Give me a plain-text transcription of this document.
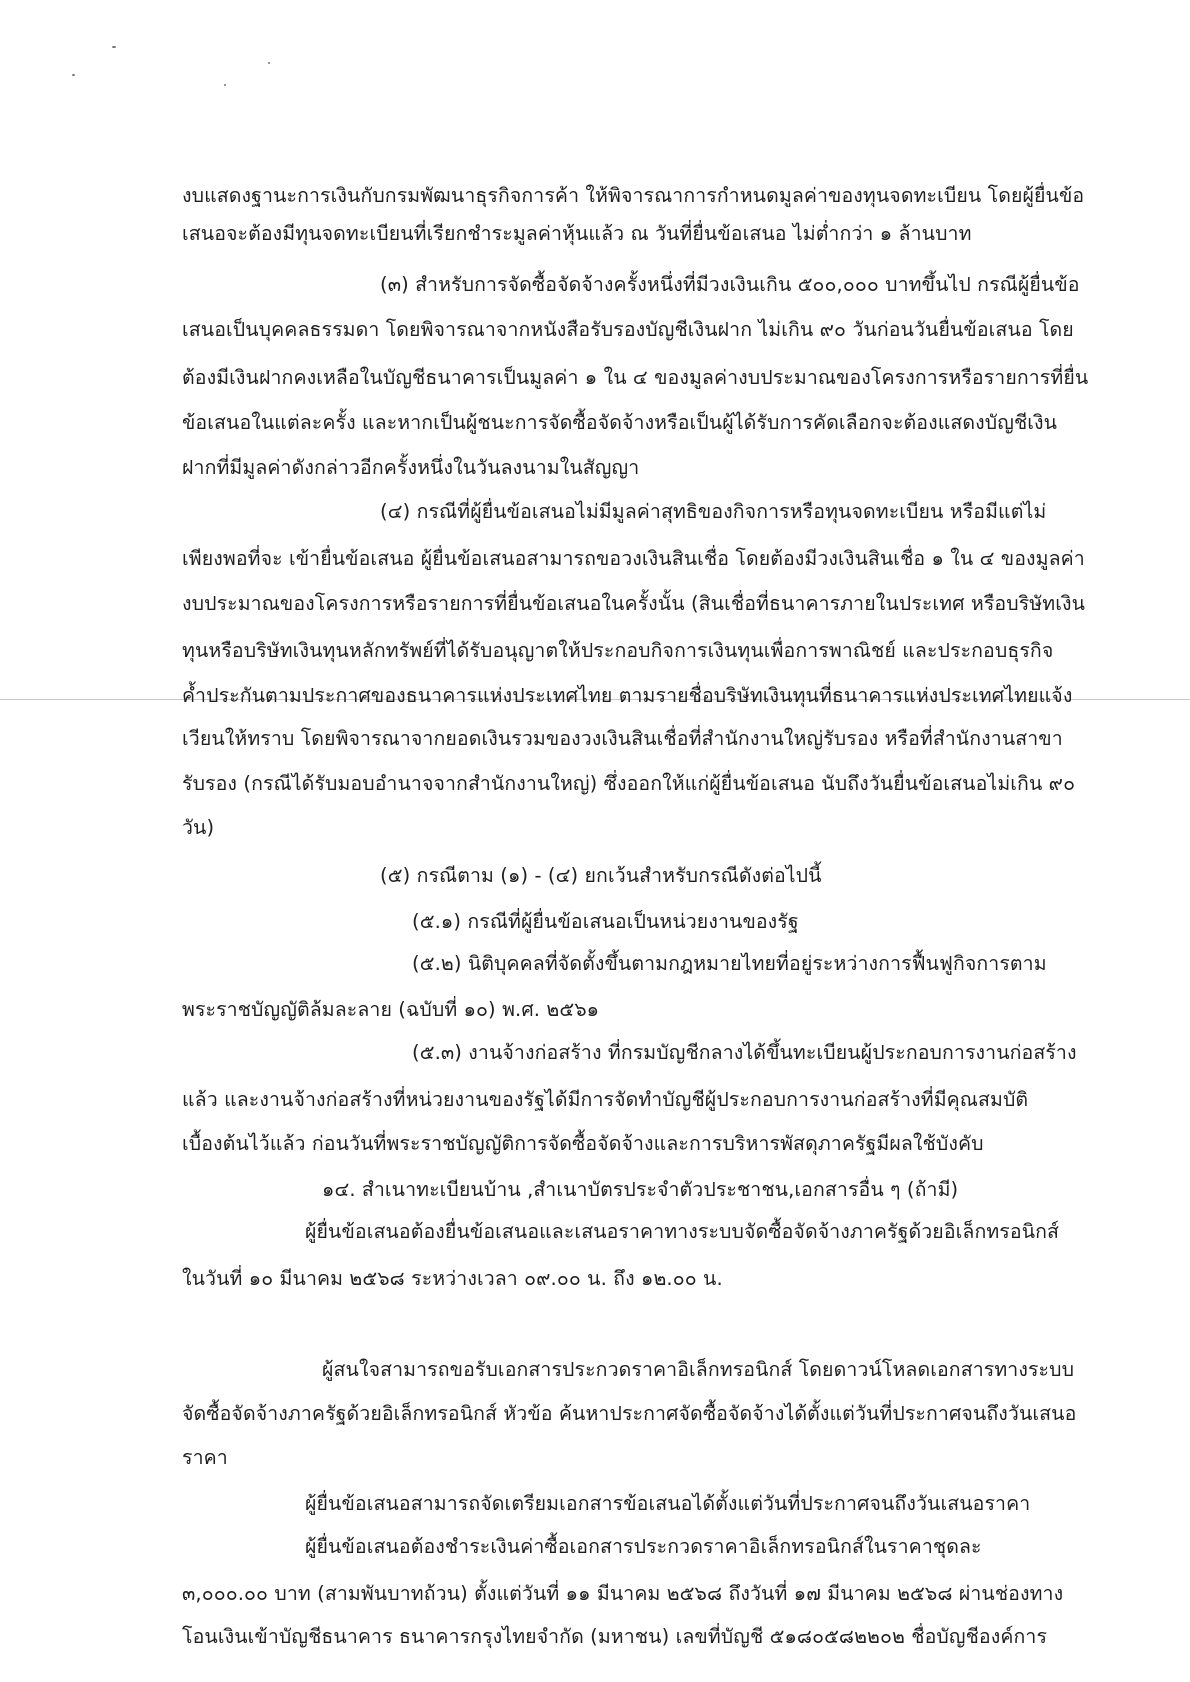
งบแสดงฐานะการเงินกับกรมพัฒนาธุรกิจการค้า ให้พิจารณาการกำหนดมูลค่าของทุนจดทะเบียน โดยผู้ยื่นข้อ
เสนอจะต้องมีทุนจดทะเบียนที่เรียกชำระมูลค่าหุ้นแล้ว ณ วันที่ยื่นข้อเสนอ ไม่ต่ำกว่า ๑ ล้านบาท
(๓) สำหรับการจัดซื้อจัดจ้างครั้งหนึ่งที่มีวงเงินเกิน ๕๐๐,๐๐๐ บาทขึ้นไป กรณีผู้ยื่นข้อ
เสนอเป็นบุคคลธรรมดา โดยพิจารณาจากหนังสือรับรองบัญชีเงินฝาก ไม่เกิน ๙๐ วันก่อนวันยื่นข้อเสนอ โดย
ต้องมีเงินฝากคงเหลือในบัญชีธนาคารเป็นมูลค่า ๑ ใน ๔ ของมูลค่างบประมาณของโครงการหรือรายการที่ยื่น
ข้อเสนอในแต่ละครั้ง และหากเป็นผู้ชนะการจัดซื้อจัดจ้างหรือเป็นผู้ได้รับการคัดเลือกจะต้องแสดงบัญชีเงิน
ฝากที่มีมูลค่าดังกล่าวอีกครั้งหนึ่งในวันลงนามในสัญญา
(๔) กรณีที่ผู้ยื่นข้อเสนอไม่มีมูลค่าสุทธิของกิจการหรือทุนจดทะเบียน หรือมีแต่ไม่
เพียงพอที่จะ เข้ายื่นข้อเสนอ ผู้ยื่นข้อเสนอสามารถขอวงเงินสินเชื่อ โดยต้องมีวงเงินสินเชื่อ ๑ ใน ๔ ของมูลค่า
งบประมาณของโครงการหรือรายการที่ยื่นข้อเสนอในครั้งนั้น (สินเชื่อที่ธนาคารภายในประเทศ หรือบริษัทเงิน
ทุนหรือบริษัทเงินทุนหลักทรัพย์ที่ได้รับอนุญาตให้ประกอบกิจการเงินทุนเพื่อการพาณิชย์ และประกอบธุรกิจ
ค้ำประกันตามประกาศของธนาคารแห่งประเทศไทย ตามรายชื่อบริษัทเงินทุนที่ธนาคารแห่งประเทศไทยแจ้ง
เวียนให้ทราบ โดยพิจารณาจากยอดเงินรวมของวงเงินสินเชื่อที่สำนักงานใหญ่รับรอง หรือที่สำนักงานสาขา
รับรอง (กรณีได้รับมอบอำนาจจากสำนักงานใหญ่) ซึ่งออกให้แก่ผู้ยื่นข้อเสนอ นับถึงวันยื่นข้อเสนอไม่เกิน ๙๐
วัน)
(๕) กรณีตาม (๑) - (๔) ยกเว้นสำหรับกรณีดังต่อไปนี้
(๕.๑) กรณีที่ผู้ยื่นข้อเสนอเป็นหน่วยงานของรัฐ
(๕.๒) นิติบุคคลที่จัดตั้งขึ้นตามกฎหมายไทยที่อยู่ระหว่างการฟื้นฟูกิจการตาม
พระราชบัญญัติล้มละลาย (ฉบับที่ ๑๐) พ.ศ. ๒๕๖๑
(๕.๓) งานจ้างก่อสร้าง ที่กรมบัญชีกลางได้ขึ้นทะเบียนผู้ประกอบการงานก่อสร้าง
แล้ว และงานจ้างก่อสร้างที่หน่วยงานของรัฐได้มีการจัดทำบัญชีผู้ประกอบการงานก่อสร้างที่มีคุณสมบัติ
เบื้องต้นไว้แล้ว ก่อนวันที่พระราชบัญญัติการจัดซื้อจัดจ้างและการบริหารพัสดุภาครัฐมีผลใช้บังคับ
๑๔. สำเนาทะเบียนบ้าน ,สำเนาบัตรประจำตัวประชาชน,เอกสารอื่น ๆ (ถ้ามี)
ผู้ยื่นข้อเสนอต้องยื่นข้อเสนอและเสนอราคาทางระบบจัดซื้อจัดจ้างภาครัฐด้วยอิเล็กทรอนิกส์
ในวันที่ ๑๐ มีนาคม ๒๕๖๘ ระหว่างเวลา ๐๙.๐๐ น. ถึง ๑๒.๐๐ น.
ผู้สนใจสามารถขอรับเอกสารประกวดราคาอิเล็กทรอนิกส์ โดยดาวน์โหลดเอกสารทางระบบ
จัดซื้อจัดจ้างภาครัฐด้วยอิเล็กทรอนิกส์ หัวข้อ ค้นหาประกาศจัดซื้อจัดจ้างได้ตั้งแต่วันที่ประกาศจนถึงวันเสนอ
ราคา
ผู้ยื่นข้อเสนอสามารถจัดเตรียมเอกสารข้อเสนอได้ตั้งแต่วันที่ประกาศจนถึงวันเสนอราคา
ผู้ยื่นข้อเสนอต้องชำระเงินค่าซื้อเอกสารประกวดราคาอิเล็กทรอนิกส์ในราคาชุดละ
๓,๐๐๐.๐๐ บาท (สามพันบาทถ้วน) ตั้งแต่วันที่ ๑๑ มีนาคม ๒๕๖๘ ถึงวันที่ ๑๗ มีนาคม ๒๕๖๘ ผ่านช่องทาง
โอนเงินเข้าบัญชีธนาคาร ธนาคารกรุงไทยจำกัด (มหาชน) เลขที่บัญชี ๕๑๘๐๕๘๒๒๐๒ ชื่อบัญชีองค์การ
